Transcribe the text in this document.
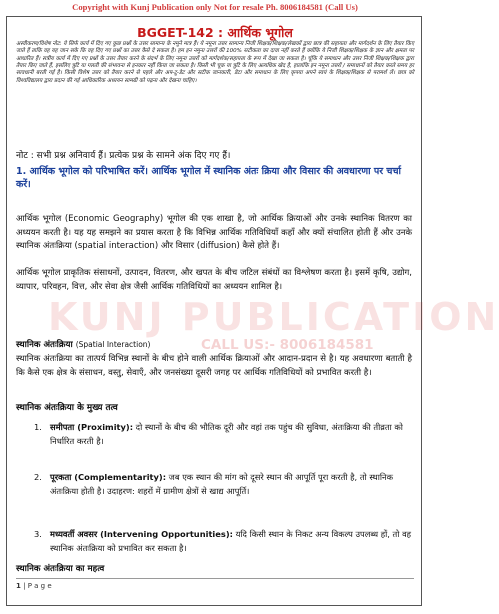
Copyright with Kunj Publication only Not for resale Ph. 8006184581 (Call Us)
BGGET-142 : आर्थिक भूगोल
अस्वीकरण/विशेष नोट: ये सिर्फ कार्य में दिए गए कुछ प्रश्नों के उत्तर सामान्य के नमूने मात्र हैं। ये नमूना उत्तर सामान्य निजी शिक्षक/शिक्षक/लेखकों द्वारा छात्र की सहायता और मार्गदर्शन के लिए तैयार किए जाते हैं ताकि वह यह जान सके कि वह दिए गए प्रश्नों का उत्तर कैसे दे सकता है। हम इन नमूना उत्तरों की 100% सटीकता का दावा नहीं करते हैं क्योंकि ये निजी शिक्षक/शिक्षक के ज्ञान और क्षमता पर आधारित हैं। सत्रीय कार्य में दिए गए प्रश्नों के उत्तर तैयार करने के संदर्भ के लिए नमूना उत्तरों को मार्गदर्शक/सहायता के रूप में देखा जा सकता है। चूंकि ये समाधान और उत्तर निजी शिक्षक/शिक्षक द्वारा तैयार किए जाते हैं, इसलिए त्रुटि या गलती की संभावना से इनकार नहीं किया जा सकता है। किसी भी चूक या त्रुटि के लिए अत्यधिक खेद है, हालांकि इन नमूना उत्तरों / समाधानों को तैयार करते समय हर सावधानी बरती गई है। किसी विशेष उत्तर को तैयार करने से पहले और अप-टू-डेट और सटीक जानकारी, डेटा और समाधान के लिए कृपया अपने स्वयं के शिक्षक/शिक्षक से परामर्श लें। छात्र को विश्वविद्यालय द्वारा प्रदान की गई आधिकारिक अध्ययन सामग्री को पढ़ना और देखना चाहिए।
नोट : सभी प्रश्न अनिवार्य हैं। प्रत्येक प्रश्न के सामने अंक दिए गए हैं।
1. आर्थिक भूगोल को परिभाषित करें। आर्थिक भूगोल में स्थानिक अंतः क्रिया और विसार की अवधारणा पर चर्चा करें।
आर्थिक भूगोल (Economic Geography) भूगोल की एक शाखा है, जो आर्थिक क्रियाओं और उनके स्थानिक वितरण का अध्ययन करती है। यह यह समझने का प्रयास करता है कि विभिन्न आर्थिक गतिविधियाँ कहाँ और क्यों संचालित होती हैं और उनके स्थानिक अंतःक्रिया (spatial interaction) और विसार (diffusion) कैसे होते हैं।
आर्थिक भूगोल प्राकृतिक संसाधनों, उत्पादन, वितरण, और खपत के बीच जटिल संबंधों का विश्लेषण करता है। इसमें कृषि, उद्योग, व्यापार, परिवहन, वित्त, और सेवा क्षेत्र जैसी आर्थिक गतिविधियों का अध्ययन शामिल है।
KUNJ PUBLICATION
CALL US:- 8006184581
स्थानिक अंतःक्रिया (Spatial Interaction)
स्थानिक अंतःक्रिया का तात्पर्य विभिन्न स्थानों के बीच होने वाली आर्थिक क्रियाओं और आदान-प्रदान से है। यह अवधारणा बताती है कि कैसे एक क्षेत्र के संसाधन, वस्तु, सेवाएँ, और जनसंख्या दूसरी जगह पर आर्थिक गतिविधियों को प्रभावित करती है।
स्थानिक अंतःक्रिया के मुख्य तत्व
1. समीपता (Proximity): दो स्थानों के बीच की भौतिक दूरी और वहां तक पहुंच की सुविधा, अंतःक्रिया की तीव्रता को निर्धारित करती है।
2. पूरकता (Complementarity): जब एक स्थान की मांग को दूसरे स्थान की आपूर्ति पूरा करती है, तो स्थानिक अंतःक्रिया होती है। उदाहरण: शहरों में ग्रामीण क्षेत्रों से खाद्य आपूर्ति।
3. मध्यवर्ती अवसर (Intervening Opportunities): यदि किसी स्थान के निकट अन्य विकल्प उपलब्ध हों, तो वह स्थानिक अंतःक्रिया को प्रभावित कर सकता है।
स्थानिक अंतःक्रिया का महत्व
1 | P a g e
